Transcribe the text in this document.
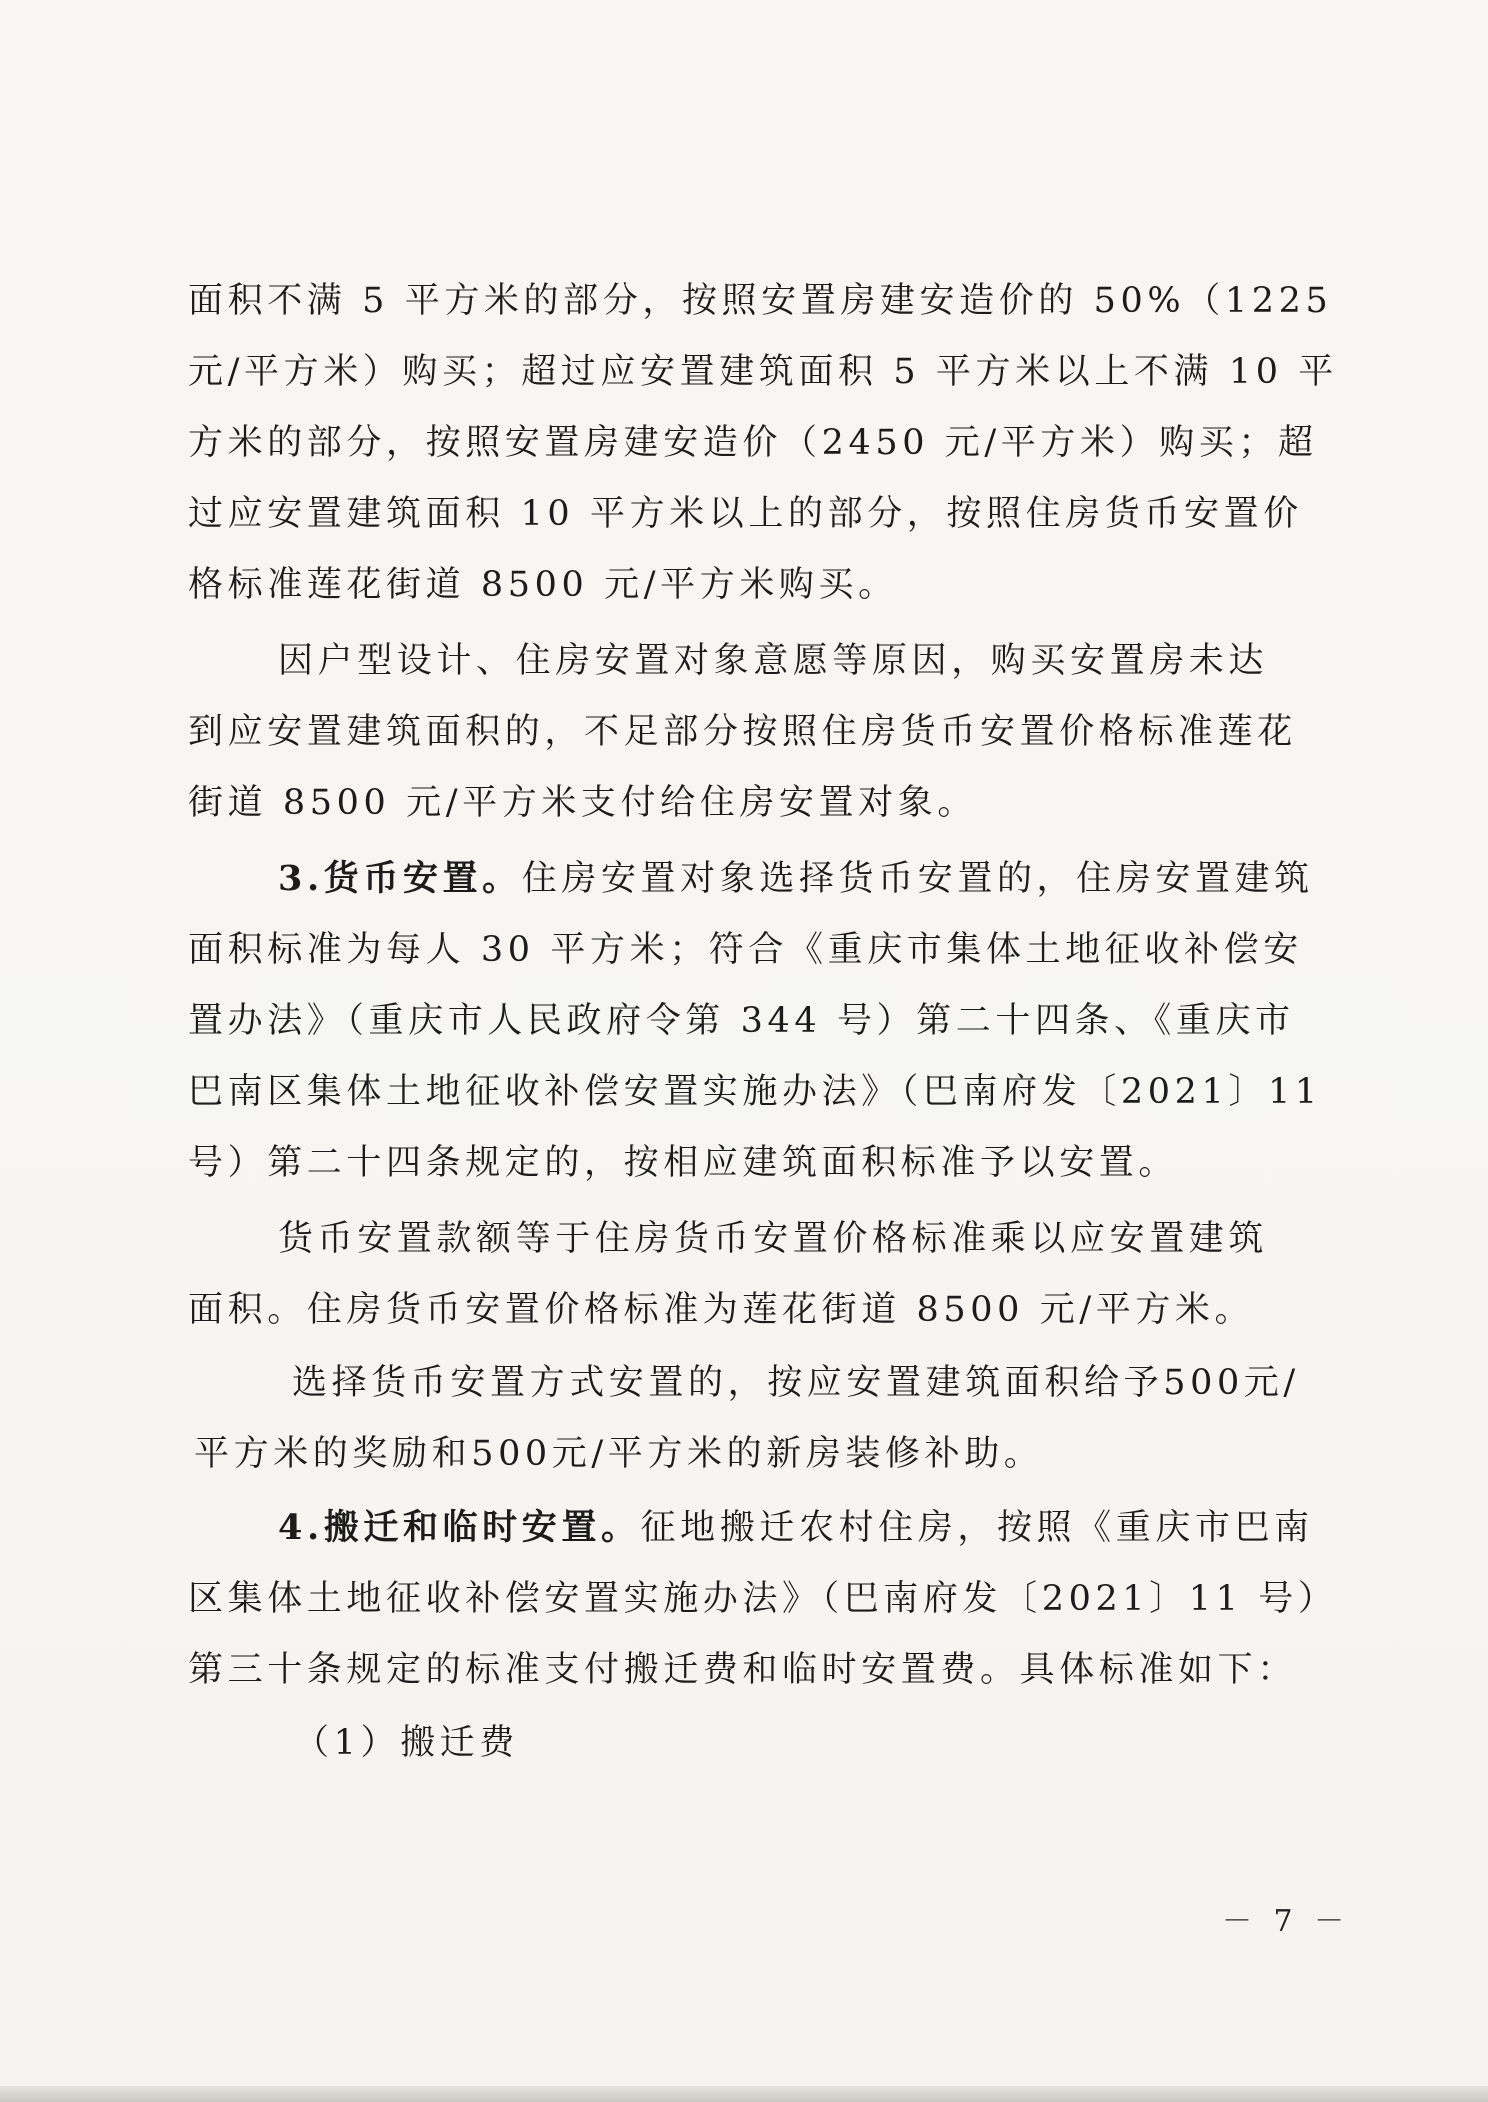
面积不满 5 平方米的部分，按照安置房建安造价的 50%（1225
元/平方米）购买；超过应安置建筑面积 5 平方米以上不满 10 平
方米的部分，按照安置房建安造价（2450 元/平方米）购买；超
过应安置建筑面积 10 平方米以上的部分，按照住房货币安置价
格标准莲花街道 8500 元/平方米购买。
因户型设计、住房安置对象意愿等原因，购买安置房未达
到应安置建筑面积的，不足部分按照住房货币安置价格标准莲花
街道 8500 元/平方米支付给住房安置对象。
3.货币安置。住房安置对象选择货币安置的，住房安置建筑
面积标准为每人 30 平方米；符合《重庆市集体土地征收补偿安
置办法》（重庆市人民政府令第 344 号）第二十四条、《重庆市
巴南区集体土地征收补偿安置实施办法》（巴南府发〔2021〕11
号）第二十四条规定的，按相应建筑面积标准予以安置。
货币安置款额等于住房货币安置价格标准乘以应安置建筑
面积。住房货币安置价格标准为莲花街道 8500 元/平方米。
选择货币安置方式安置的，按应安置建筑面积给予500元/
平方米的奖励和500元/平方米的新房装修补助。
4.搬迁和临时安置。征地搬迁农村住房，按照《重庆市巴南
区集体土地征收补偿安置实施办法》（巴南府发〔2021〕11 号）
第三十条规定的标准支付搬迁费和临时安置费。具体标准如下：
（1）搬迁费
－ 7 －
